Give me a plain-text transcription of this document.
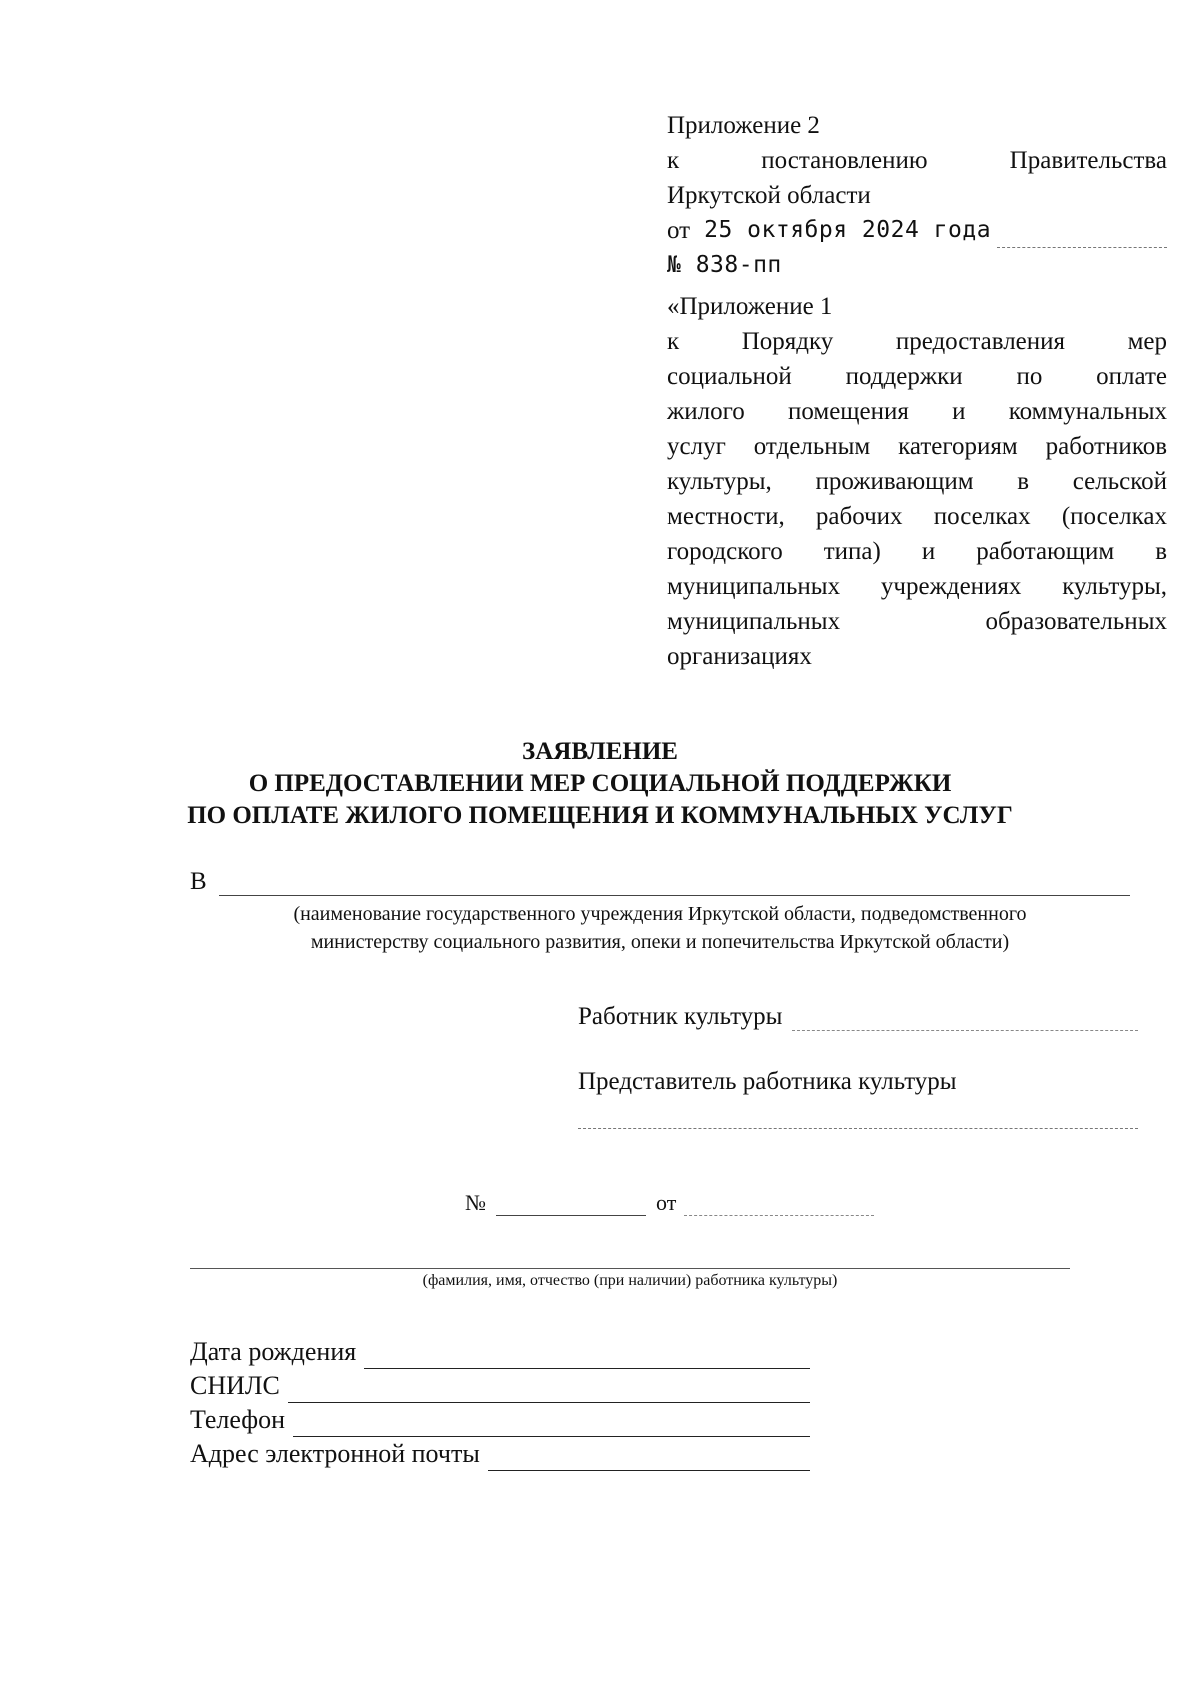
Приложение 2
к	постановлению	Правительства
Иркутской области
от 25 октября 2024 года
№ 838-пп
«Приложение 1
к Порядку предоставления мер
социальной поддержки по оплате
жилого помещения и коммунальных
услуг отдельным категориям работников
культуры, проживающим в сельской
местности, рабочих поселках (поселках
городского типа) и работающим в
муниципальных учреждениях культуры,
муниципальных образовательных
организациях
ЗАЯВЛЕНИЕ
О ПРЕДОСТАВЛЕНИИ МЕР СОЦИАЛЬНОЙ ПОДДЕРЖКИ
ПО ОПЛАТЕ ЖИЛОГО ПОМЕЩЕНИЯ И КОММУНАЛЬНЫХ УСЛУГ
В
(наименование государственного учреждения Иркутской области, подведомственного
министерству социального развития, опеки и попечительства Иркутской области)
Работник культуры
Представитель работника культуры
№	от
(фамилия, имя, отчество (при наличии) работника культуры)
Дата рождения
СНИЛС
Телефон
Адрес электронной почты
